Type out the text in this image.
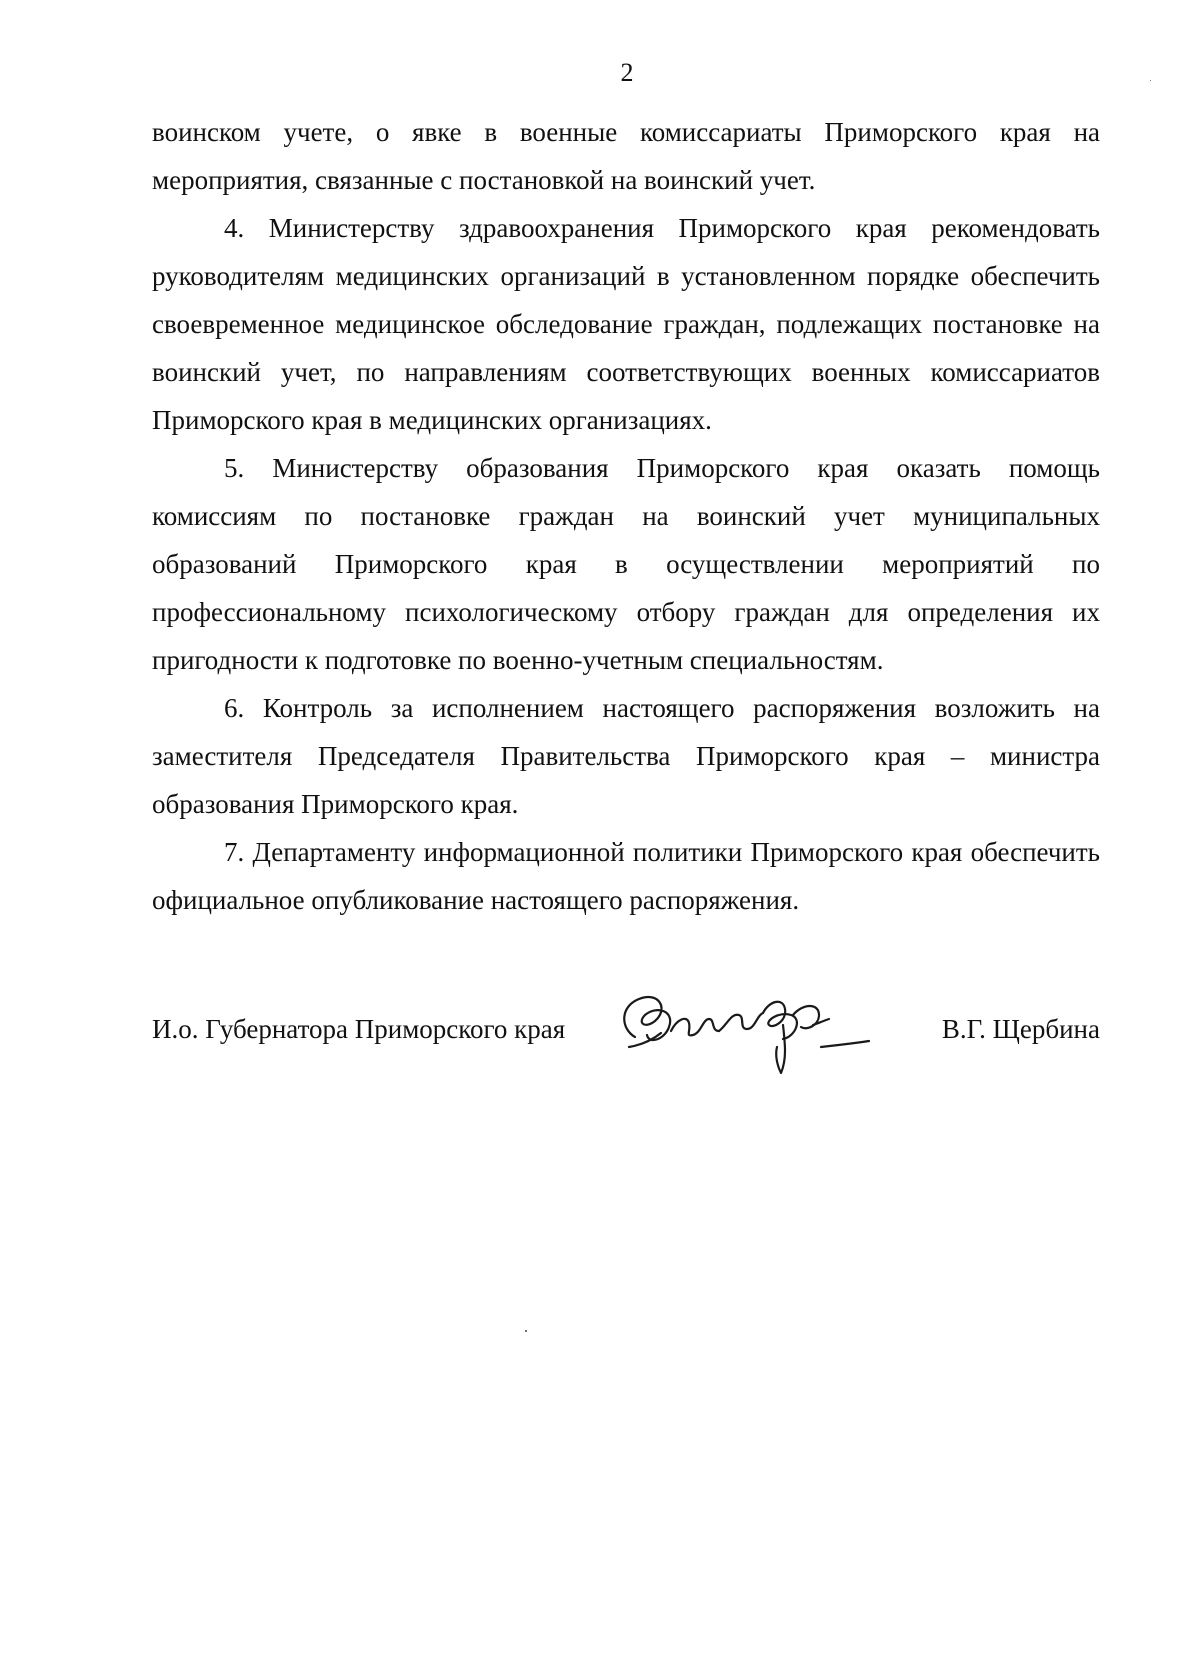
2

воинском учете, о явке в военные комиссариаты Приморского края на мероприятия, связанные с постановкой на воинский учет.

4. Министерству здравоохранения Приморского края рекомендовать руководителям медицинских организаций в установленном порядке обеспечить своевременное медицинское обследование граждан, подлежащих постановке на воинский учет, по направлениям соответствующих военных комиссариатов Приморского края в медицинских организациях.

5. Министерству образования Приморского края оказать помощь комиссиям по постановке граждан на воинский учет муниципальных образований Приморского края в осуществлении мероприятий по профессиональному психологическому отбору граждан для определения их пригодности к подготовке по военно-учетным специальностям.

6. Контроль за исполнением настоящего распоряжения возложить на заместителя Председателя Правительства Приморского края – министра образования Приморского края.

7. Департаменту информационной политики Приморского края обеспечить официальное опубликование настоящего распоряжения.

И.о. Губернатора Приморского края	В.Г. Щербина
